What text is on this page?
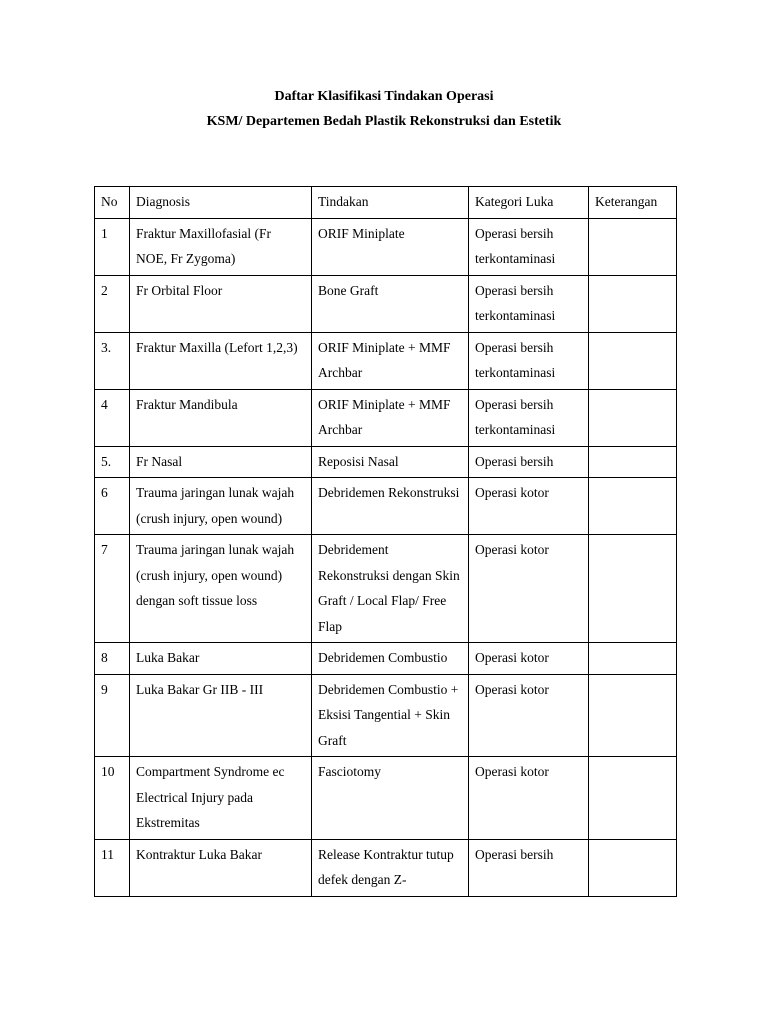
Daftar Klasifikasi Tindakan Operasi
KSM/ Departemen Bedah Plastik Rekonstruksi dan Estetik
No	Diagnosis	Tindakan	Kategori Luka	Keterangan
1	Fraktur Maxillofasial (Fr NOE, Fr Zygoma)	ORIF Miniplate	Operasi bersih terkontaminasi	
2	Fr Orbital Floor	Bone Graft	Operasi bersih terkontaminasi	
3.	Fraktur Maxilla (Lefort 1,2,3)	ORIF Miniplate + MMF Archbar	Operasi bersih terkontaminasi	
4	Fraktur Mandibula	ORIF Miniplate + MMF Archbar	Operasi bersih terkontaminasi	
5.	Fr Nasal	Reposisi Nasal	Operasi bersih	
6	Trauma jaringan lunak wajah (crush injury, open wound)	Debridemen Rekonstruksi	Operasi kotor	
7	Trauma jaringan lunak wajah (crush injury, open wound) dengan soft tissue loss	Debridement Rekonstruksi dengan Skin Graft / Local Flap/ Free Flap	Operasi kotor	
8	Luka Bakar	Debridemen Combustio	Operasi kotor	
9	Luka Bakar Gr IIB - III	Debridemen Combustio + Eksisi Tangential + Skin Graft	Operasi kotor	
10	Compartment Syndrome ec Electrical Injury pada Ekstremitas	Fasciotomy	Operasi kotor	
11	Kontraktur Luka Bakar	Release Kontraktur tutup defek dengan Z-	Operasi bersih	
